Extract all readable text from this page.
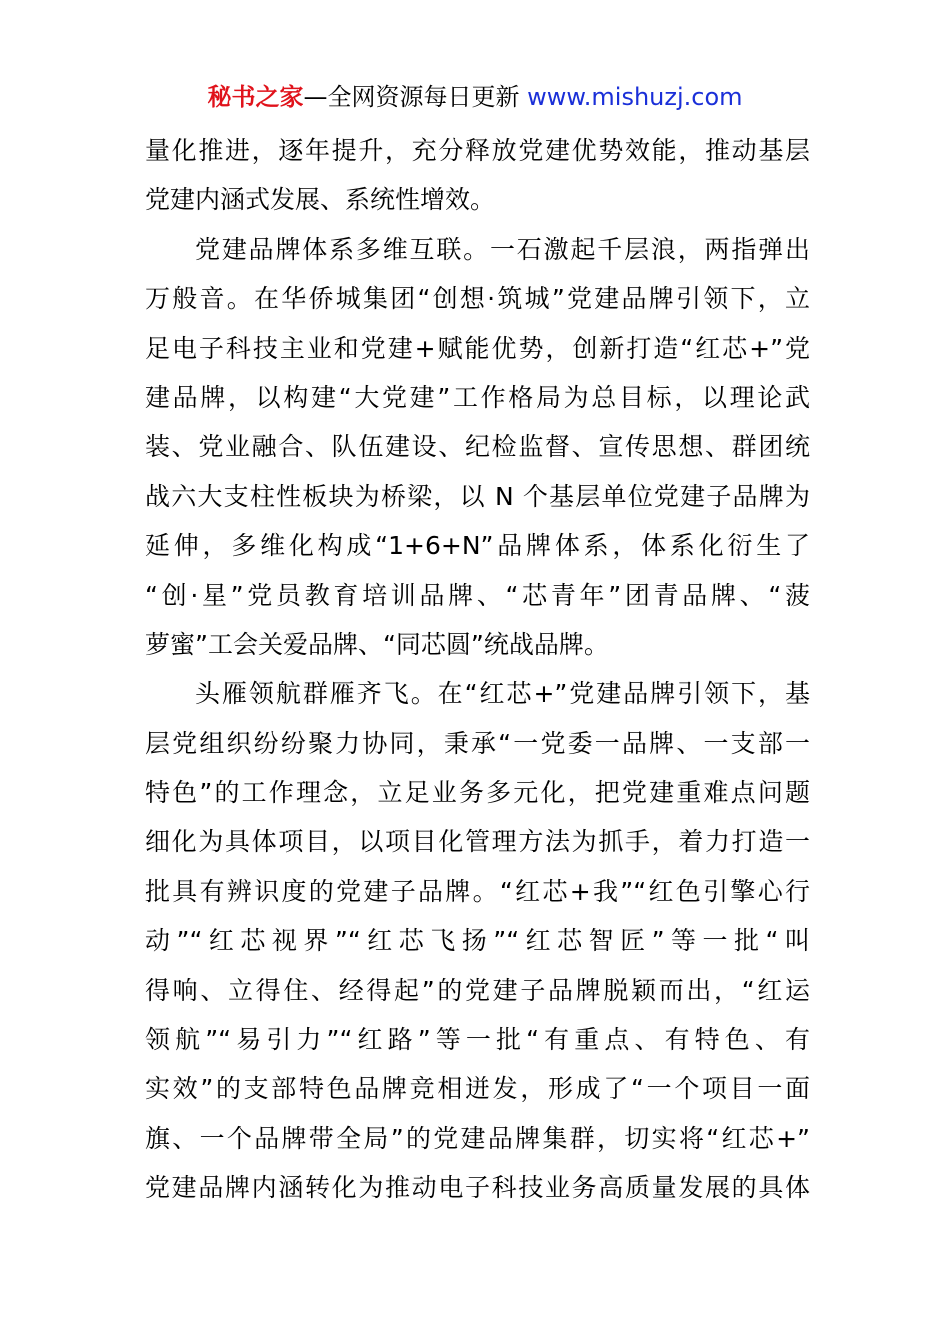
秘书之家—全网资源每日更新 www.mishuzj.com
量化推进，逐年提升，充分释放党建优势效能，推动基层
党建内涵式发展、系统性增效。
党建品牌体系多维互联。一石激起千层浪，两指弹出
万般音。在华侨城集团“创想·筑城”党建品牌引领下，立
足电子科技主业和党建+赋能优势，创新打造“红芯+”党
建品牌，以构建“大党建”工作格局为总目标，以理论武
装、党业融合、队伍建设、纪检监督、宣传思想、群团统
战六大支柱性板块为桥梁，以 N 个基层单位党建子品牌为
延伸，多维化构成“1+6+N”品牌体系，体系化衍生了
“创·星”党员教育培训品牌、“芯青年”团青品牌、“菠
萝蜜”工会关爱品牌、“同芯圆”统战品牌。
头雁领航群雁齐飞。在“红芯+”党建品牌引领下，基
层党组织纷纷聚力协同，秉承“一党委一品牌、一支部一
特色”的工作理念，立足业务多元化，把党建重难点问题
细化为具体项目，以项目化管理方法为抓手，着力打造一
批具有辨识度的党建子品牌。“红芯+我”“红色引擎心行
动”“红芯视界”“红芯飞扬”“红芯智匠”等一批“叫
得响、立得住、经得起”的党建子品牌脱颖而出，“红运
领航”“易引力”“红路”等一批“有重点、有特色、有
实效”的支部特色品牌竞相迸发，形成了“一个项目一面
旗、一个品牌带全局”的党建品牌集群，切实将“红芯+”
党建品牌内涵转化为推动电子科技业务高质量发展的具体
